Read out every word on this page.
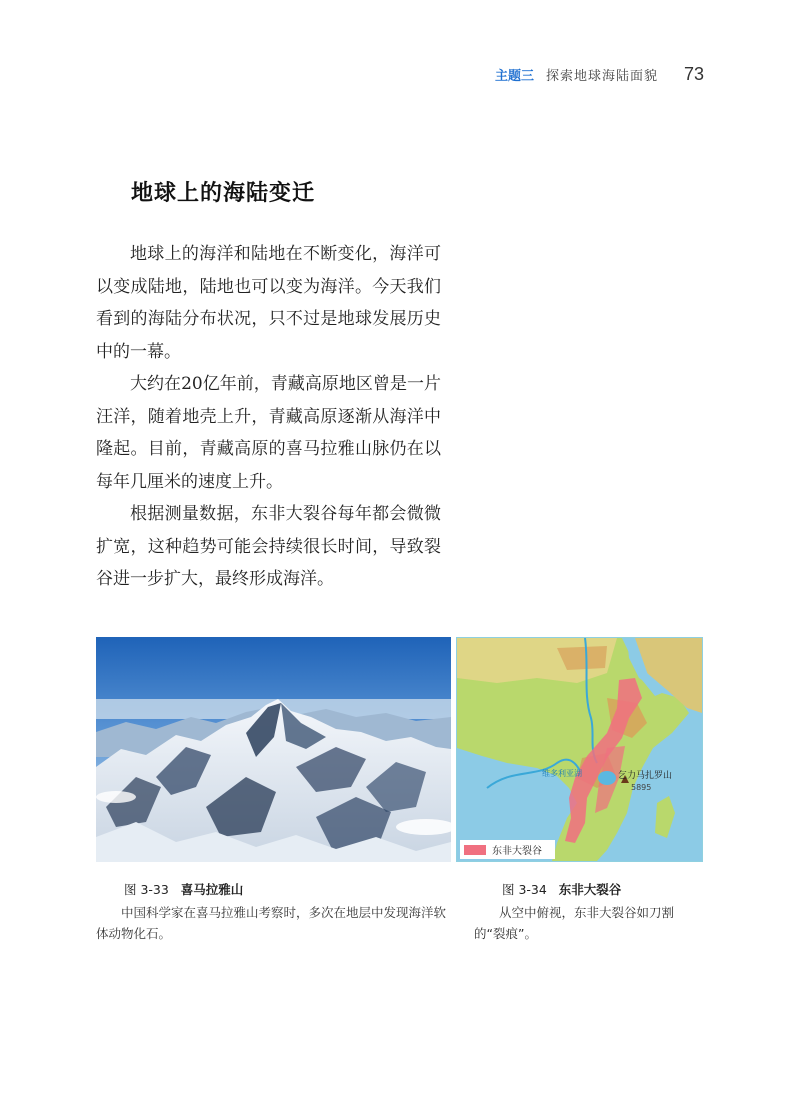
主题三 探索地球海陆面貌 73
地球上的海陆变迁

地球上的海洋和陆地在不断变化，海洋可以变成陆地，陆地也可以变为海洋。今天我们看到的海陆分布状况，只不过是地球发展历史中的一幕。

大约在20亿年前，青藏高原地区曾是一片汪洋，随着地壳上升，青藏高原逐渐从海洋中隆起。目前，青藏高原的喜马拉雅山脉仍在以每年几厘米的速度上升。

根据测量数据，东非大裂谷每年都会微微扩宽，这种趋势可能会持续很长时间，导致裂谷进一步扩大，最终形成海洋。

乞力马扎罗山
5895
维多利亚湖
东非大裂谷
图 3-33 喜马拉雅山
中国科学家在喜马拉雅山考察时，多次在地层中发现海洋软体动物化石。
图 3-34 东非大裂谷
从空中俯视，东非大裂谷如刀割的“裂痕”。
